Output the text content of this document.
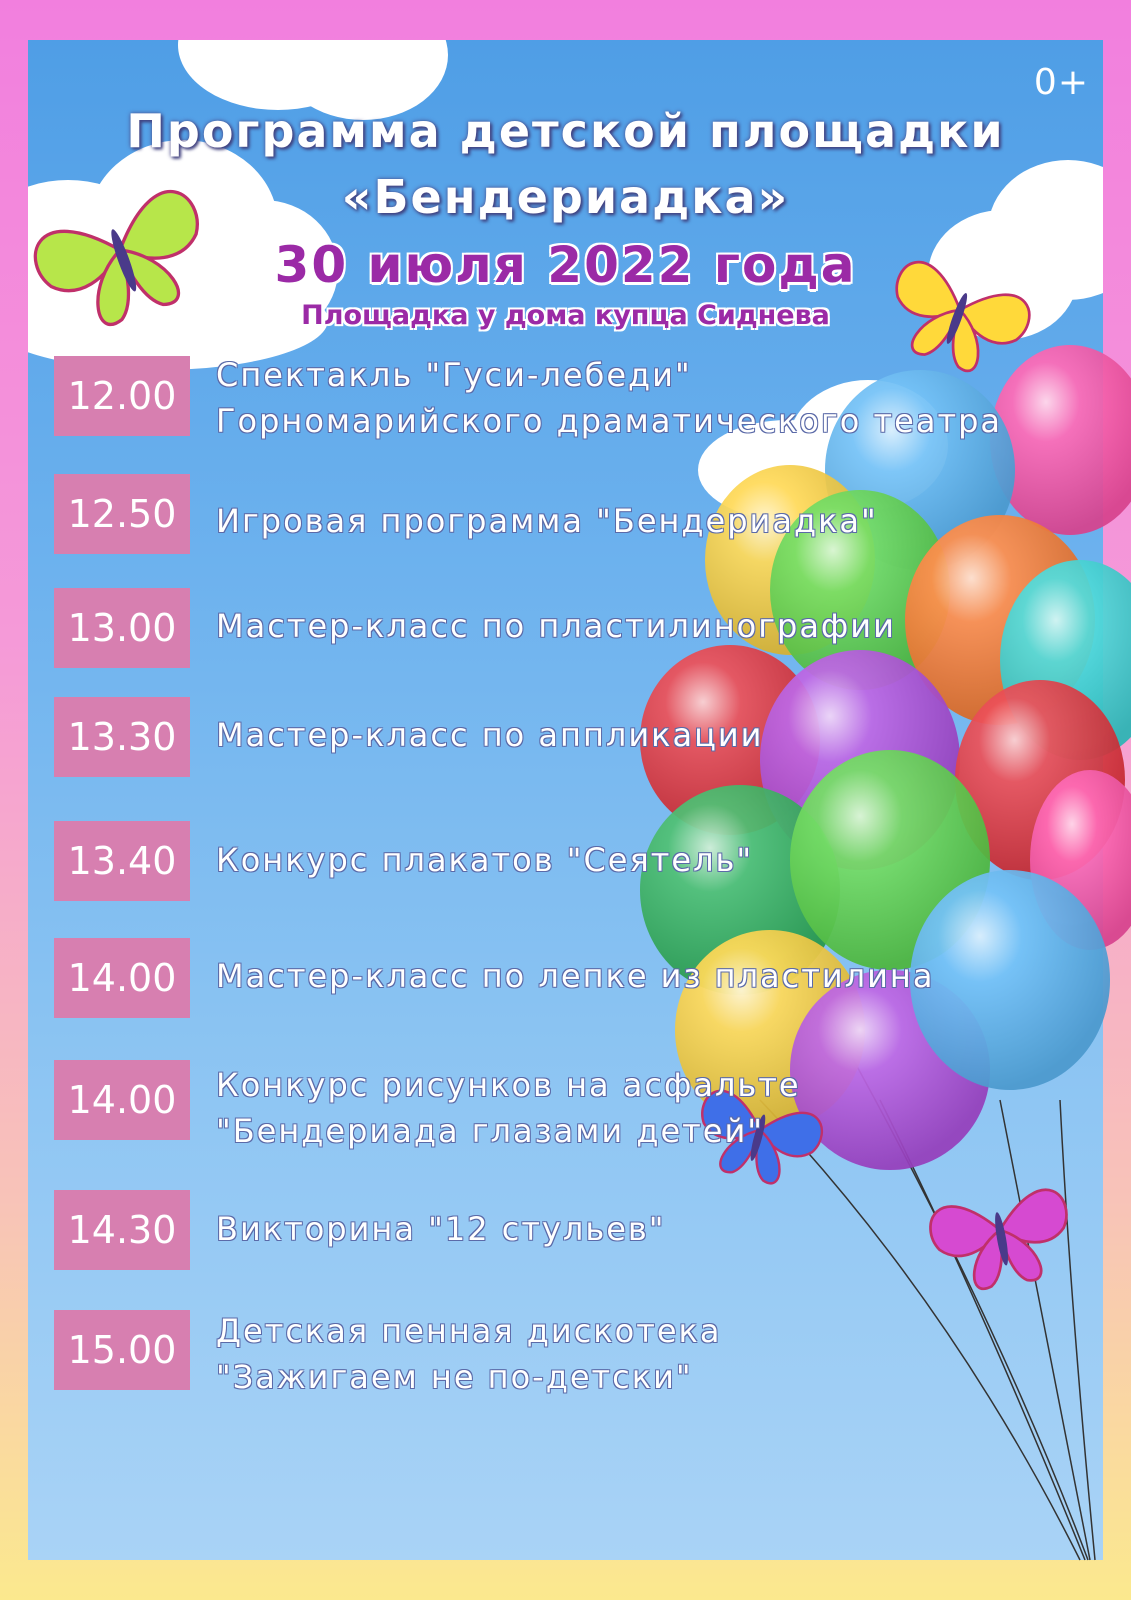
0+
Программа детской площадки
«Бендериадка»
30 июля 2022 года
Площадка у дома купца Сиднева
12.00	Спектакль "Гуси-лебеди"
Горномарийского драматического театра
12.50	Игровая программа "Бендериадка"
13.00	Мастер-класс по пластилинографии
13.30	Мастер-класс по аппликации
13.40	Конкурс плакатов "Сеятель"
14.00	Мастер-класс по лепке из пластилина
14.00	Конкурс рисунков на асфальте
"Бендериада глазами детей"
14.30	Викторина "12 стульев"
15.00	Детская пенная дискотека
"Зажигаем не по-детски"
